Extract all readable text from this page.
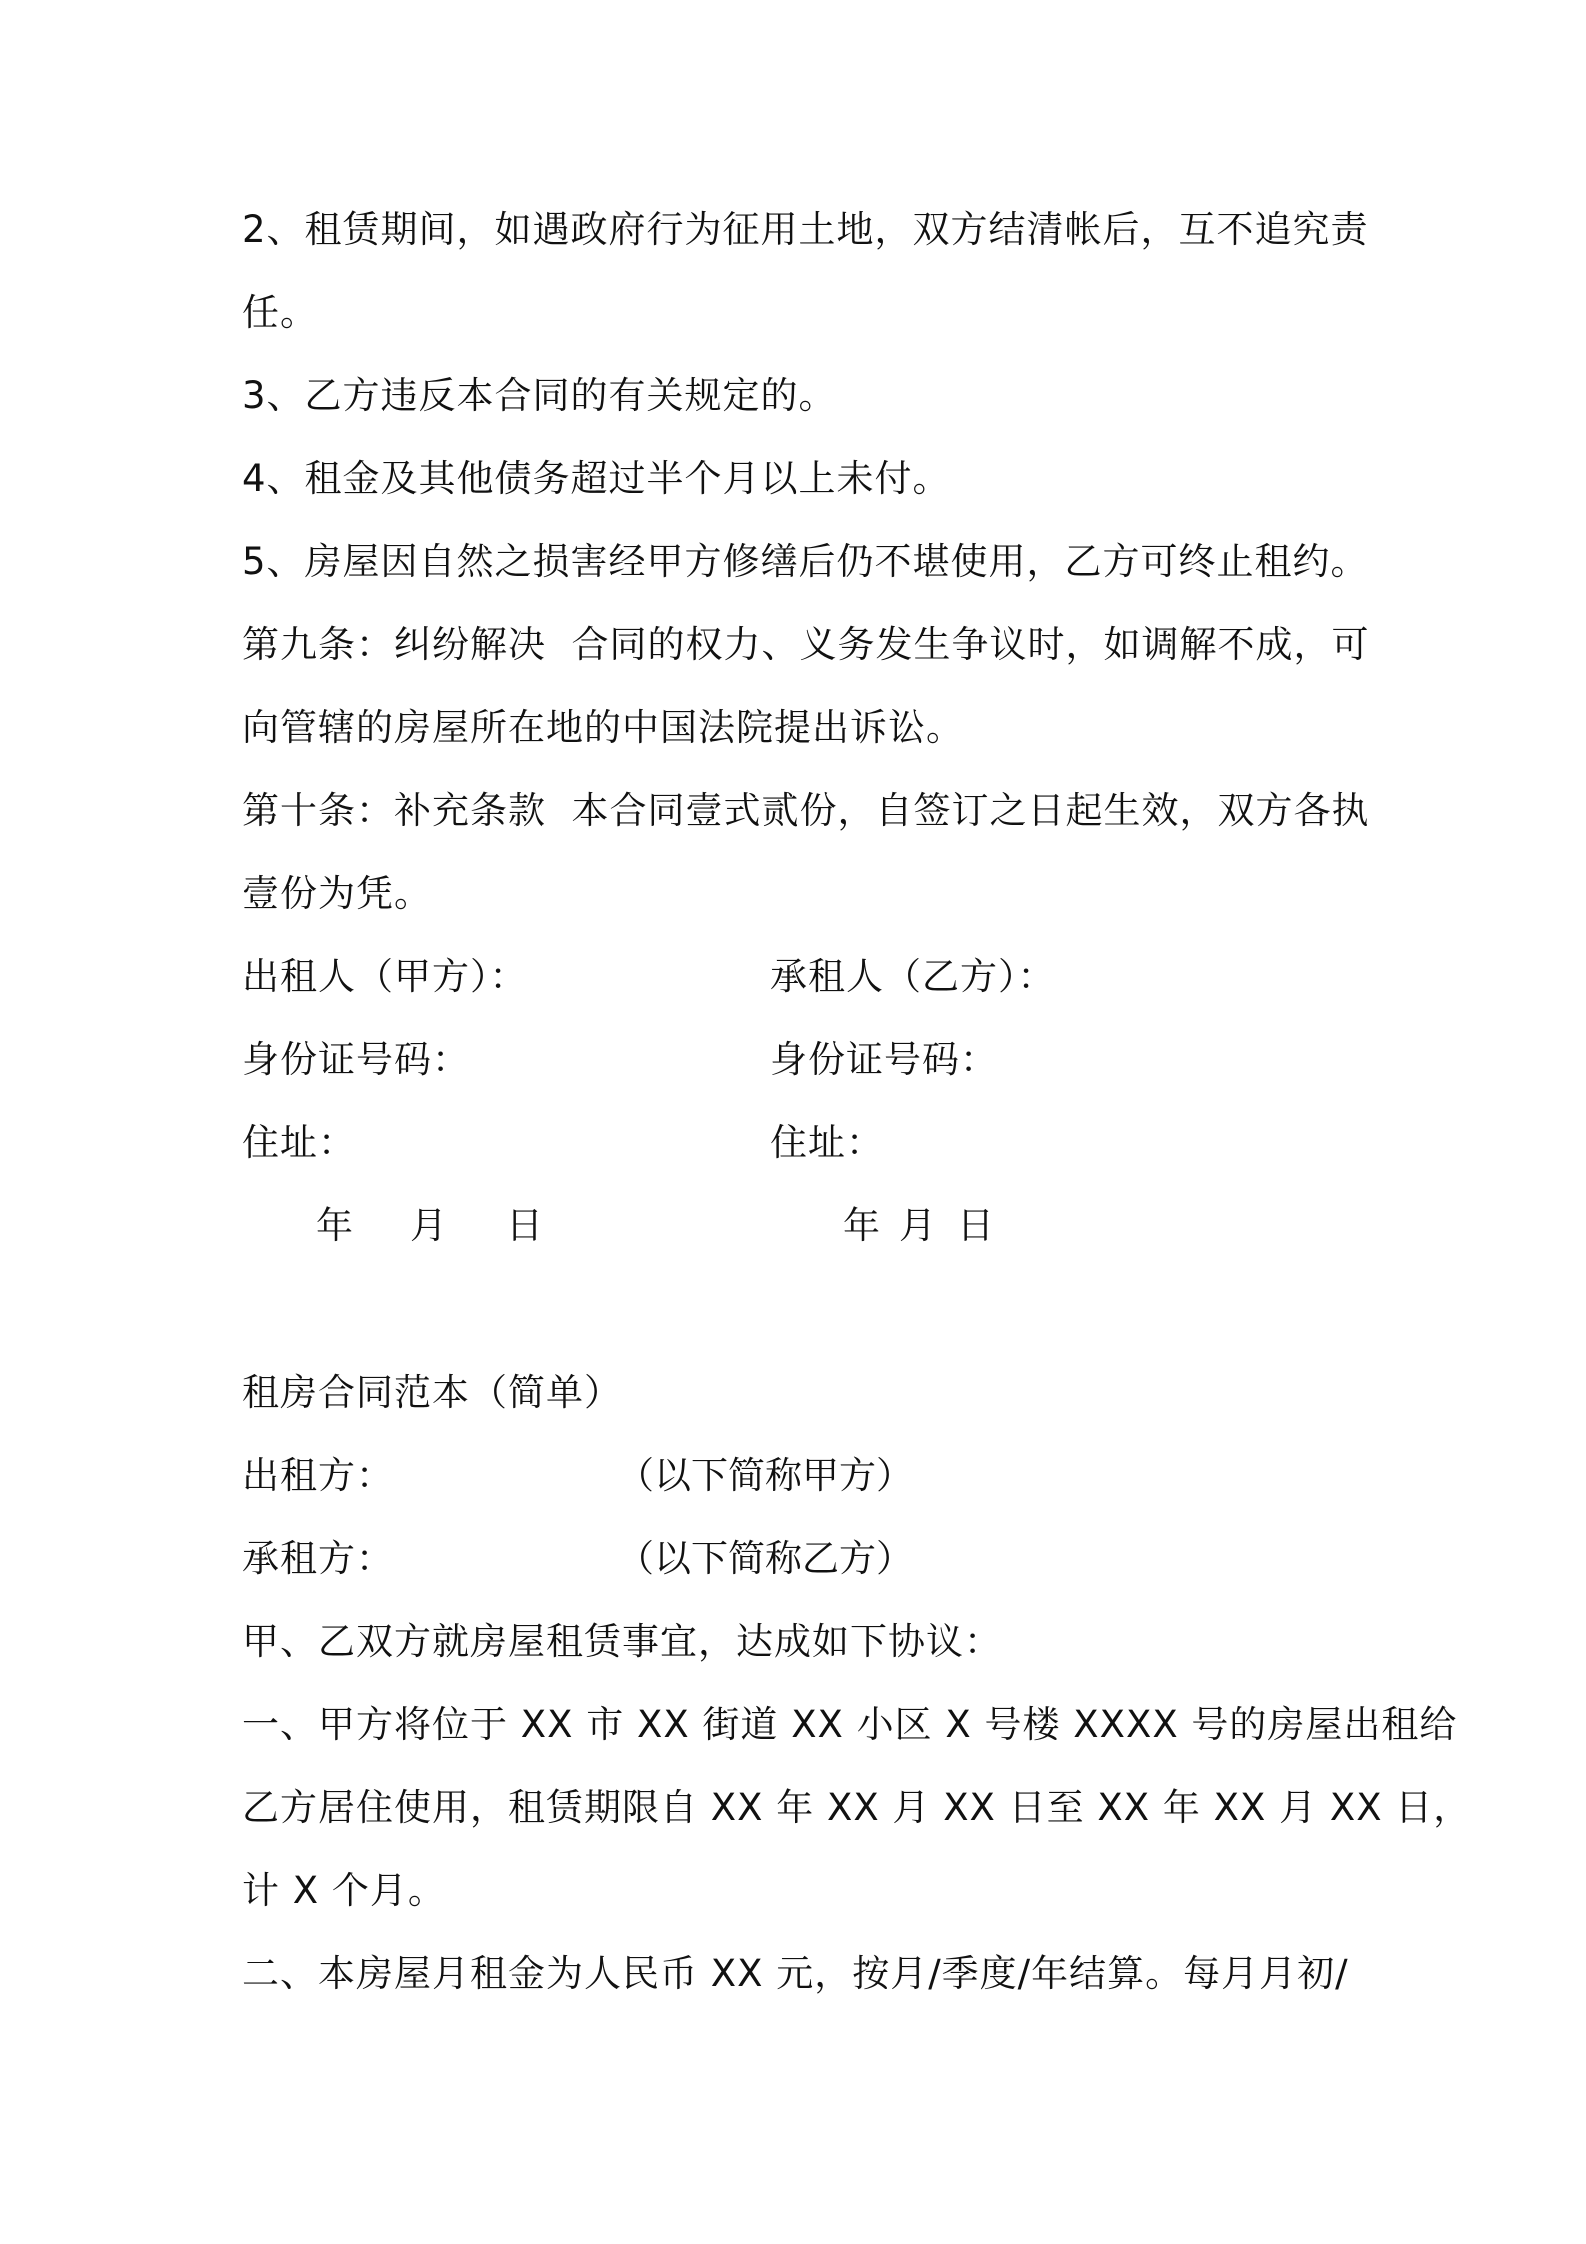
2、租赁期间，如遇政府行为征用土地，双方结清帐后，互不追究责
任。
3、乙方违反本合同的有关规定的。
4、租金及其他债务超过半个月以上未付。
5、房屋因自然之损害经甲方修缮后仍不堪使用，乙方可终止租约。
第九条：纠纷解决  合同的权力、义务发生争议时，如调解不成，可
向管辖的房屋所在地的中国法院提出诉讼。
第十条：补充条款  本合同壹式贰份，自签订之日起生效，双方各执
壹份为凭。
出租人（甲方）：	承租人（乙方）：
身份证号码：	身份证号码：
住址：	住址：
年 月 日	年 月 日
租房合同范本（简单）
出租方：	（以下简称甲方）
承租方：	（以下简称乙方）
甲、乙双方就房屋租赁事宜，达成如下协议：
一、甲方将位于 XX 市 XX 街道 XX 小区 X 号楼 XXXX 号的房屋出租给
乙方居住使用，租赁期限自 XX 年 XX 月 XX 日至 XX 年 XX 月 XX 日，
计 X 个月。
二、本房屋月租金为人民币 XX 元，按月/季度/年结算。每月月初/
